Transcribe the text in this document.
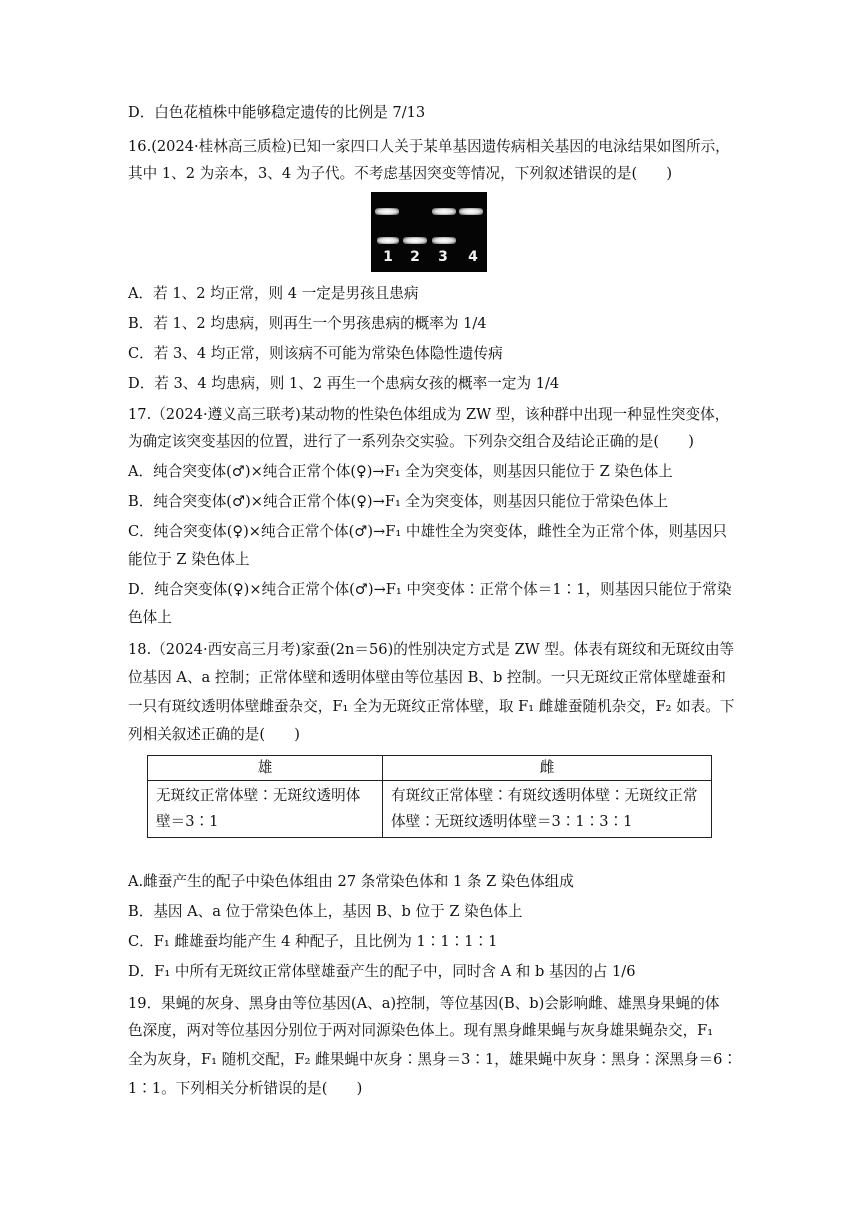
D．白色花植株中能够稳定遗传的比例是 7/13
16.(2024·桂林高三质检)已知一家四口人关于某单基因遗传病相关基因的电泳结果如图所示，
其中 1、2 为亲本，3、4 为子代。不考虑基因突变等情况，下列叙述错误的是(　　)
1	2	3	4
A．若 1、2 均正常，则 4 一定是男孩且患病
B．若 1、2 均患病，则再生一个男孩患病的概率为 1/4
C．若 3、4 均正常，则该病不可能为常染色体隐性遗传病
D．若 3、4 均患病，则 1、2 再生一个患病女孩的概率一定为 1/4
17.（2024·遵义高三联考)某动物的性染色体组成为 ZW 型，该种群中出现一种显性突变体，
为确定该突变基因的位置，进行了一系列杂交实验。下列杂交组合及结论正确的是(　　)
A．纯合突变体(♂)×纯合正常个体(♀)→F₁ 全为突变体，则基因只能位于 Z 染色体上
B．纯合突变体(♂)×纯合正常个体(♀)→F₁ 全为突变体，则基因只能位于常染色体上
C．纯合突变体(♀)×纯合正常个体(♂)→F₁ 中雄性全为突变体，雌性全为正常个体，则基因只
能位于 Z 染色体上
D．纯合突变体(♀)×纯合正常个体(♂)→F₁ 中突变体∶正常个体＝1∶1，则基因只能位于常染
色体上
18.（2024·西安高三月考)家蚕(2n＝56)的性别决定方式是 ZW 型。体表有斑纹和无斑纹由等
位基因 A、a 控制；正常体壁和透明体壁由等位基因 B、b 控制。一只无斑纹正常体壁雄蚕和
一只有斑纹透明体壁雌蚕杂交，F₁ 全为无斑纹正常体壁，取 F₁ 雌雄蚕随机杂交，F₂ 如表。下
列相关叙述正确的是(　　)
雄	雌
无斑纹正常体壁∶无斑纹透明体壁＝3∶1	有斑纹正常体壁∶有斑纹透明体壁∶无斑纹正常体壁∶无斑纹透明体壁＝3∶1∶3∶1
A.雌蚕产生的配子中染色体组由 27 条常染色体和 1 条 Z 染色体组成
B．基因 A、a 位于常染色体上，基因 B、b 位于 Z 染色体上
C．F₁ 雌雄蚕均能产生 4 种配子，且比例为 1∶1∶1∶1
D．F₁ 中所有无斑纹正常体壁雄蚕产生的配子中，同时含 A 和 b 基因的占 1/6
19．果蝇的灰身、黑身由等位基因(A、a)控制，等位基因(B、b)会影响雌、雄黑身果蝇的体
色深度，两对等位基因分别位于两对同源染色体上。现有黑身雌果蝇与灰身雄果蝇杂交，F₁
全为灰身，F₁ 随机交配，F₂ 雌果蝇中灰身∶黑身＝3∶1，雄果蝇中灰身∶黑身∶深黑身＝6∶
1∶1。下列相关分析错误的是(　　)
